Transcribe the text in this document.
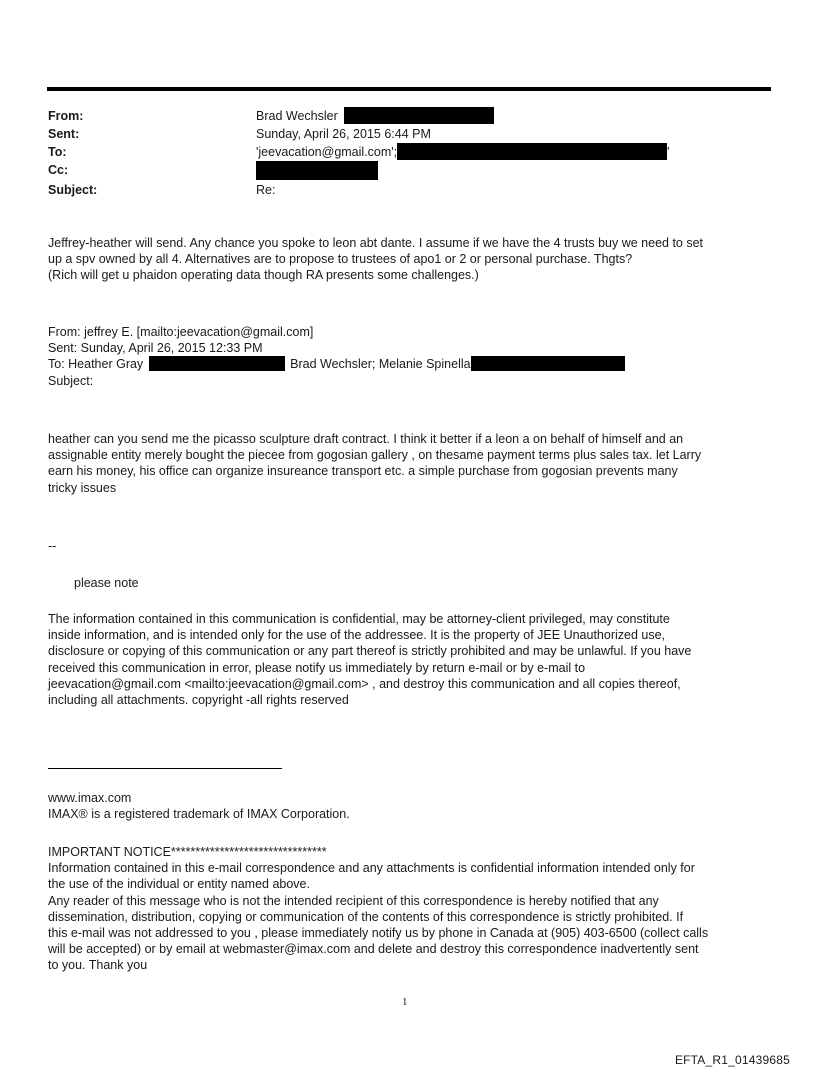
From:	Brad Wechsler
Sent:	Sunday, April 26, 2015 6:44 PM
To:	'jeevacation@gmail.com';	'
Cc:
Subject:	Re:
Jeffrey-heather will send. Any chance you spoke to leon abt dante. I assume if we have the 4 trusts buy we need to set
up a spv owned by all 4. Alternatives are to propose to trustees of apo1 or 2 or personal purchase. Thgts?
(Rich will get u phaidon operating data though RA presents some challenges.)
From: jeffrey E. [mailto:jeevacation@gmail.com]
Sent: Sunday, April 26, 2015 12:33 PM
To: Heather Gray	Brad Wechsler; Melanie Spinella
Subject:
heather can you send me the picasso sculpture draft contract. I think it better if a leon a on behalf of himself and an
assignable entity merely bought the piecee from gogosian gallery , on thesame payment terms plus sales tax. let Larry
earn his money, his office can organize insureance transport etc. a simple purchase from gogosian prevents many
tricky issues
--
please note
The information contained in this communication is confidential, may be attorney-client privileged, may constitute
inside information, and is intended only for the use of the addressee. It is the property of JEE Unauthorized use,
disclosure or copying of this communication or any part thereof is strictly prohibited and may be unlawful. If you have
received this communication in error, please notify us immediately by return e-mail or by e-mail to
jeevacation@gmail.com <mailto:jeevacation@gmail.com> , and destroy this communication and all copies thereof,
including all attachments. copyright -all rights reserved
www.imax.com
IMAX® is a registered trademark of IMAX Corporation.
IMPORTANT NOTICE********************************
Information contained in this e-mail correspondence and any attachments is confidential information intended only for
the use of the individual or entity named above.
Any reader of this message who is not the intended recipient of this correspondence is hereby notified that any
dissemination, distribution, copying or communication of the contents of this correspondence is strictly prohibited. If
this e-mail was not addressed to you , please immediately notify us by phone in Canada at (905) 403-6500 (collect calls
will be accepted) or by email at webmaster@imax.com and delete and destroy this correspondence inadvertently sent
to you. Thank you
1
EFTA_R1_01439685
